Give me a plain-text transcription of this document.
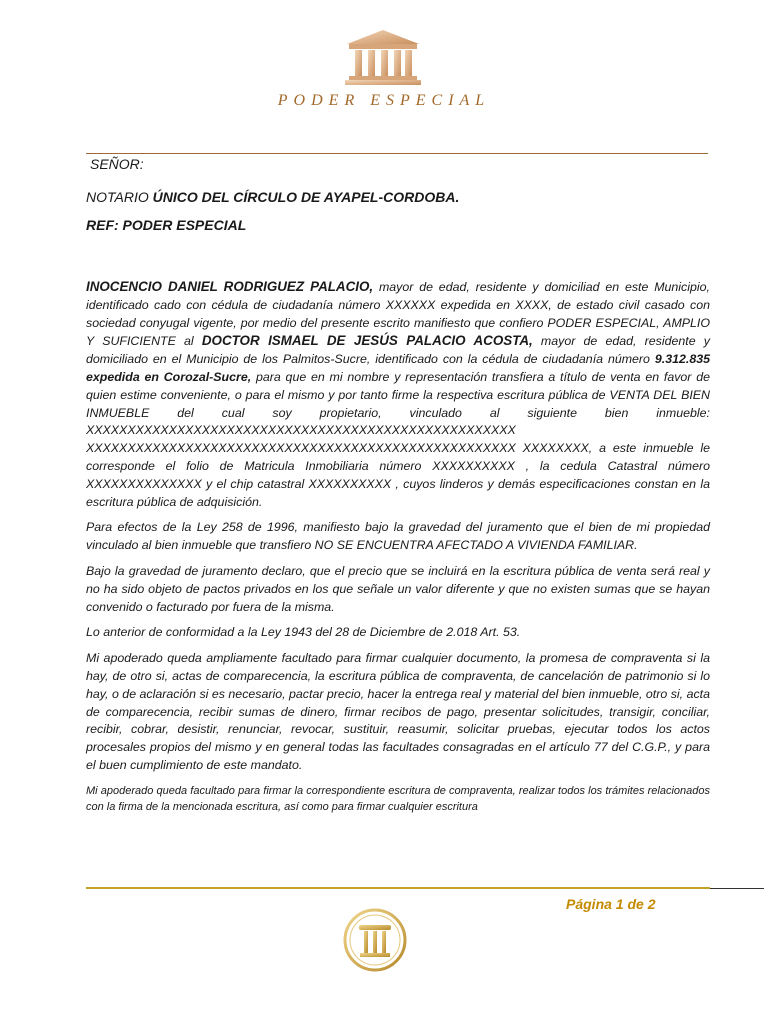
PODER ESPECIAL
SEÑOR:
NOTARIO ÚNICO DEL CÍRCULO DE AYAPEL-CORDOBA.
REF: PODER ESPECIAL

INOCENCIO DANIEL RODRIGUEZ PALACIO, mayor de edad, residente y domiciliad en este Municipio, identificado cado con cédula de ciudadanía número XXXXXX expedida en XXXX, de estado civil casado con sociedad conyugal vigente, por medio del presente escrito manifiesto que confiero PODER ESPECIAL, AMPLIO Y SUFICIENTE al DOCTOR ISMAEL DE JESÚS PALACIO ACOSTA, mayor de edad, residente y domiciliado en el Municipio de los Palmitos-Sucre, identificado con la cédula de ciudadanía número 9.312.835 expedida en Corozal-Sucre, para que en mi nombre y representación transfiera a título de venta en favor de quien estime conveniente, o para el mismo y por tanto firme la respectiva escritura pública de VENTA DEL BIEN INMUEBLE del cual soy propietario, vinculado al siguiente bien inmueble: XXXXXXXXXXXXXXXXXXXXXXXXXXXXXXXXXXXXXXXXXXXXXXXXXXXX XXXXXXXXXXXXXXXXXXXXXXXXXXXXXXXXXXXXXXXXXXXXXXXXXXXX XXXXXXXX, a este inmueble le corresponde el folio de Matricula Inmobiliaria número XXXXXXXXXX , la cedula Catastral número XXXXXXXXXXXXXX y el chip catastral XXXXXXXXXX , cuyos linderos y demás especificaciones constan en la escritura pública de adquisición.

Para efectos de la Ley 258 de 1996, manifiesto bajo la gravedad del juramento que el bien de mi propiedad vinculado al bien inmueble que transfiero NO SE ENCUENTRA AFECTADO A VIVIENDA FAMILIAR.

Bajo la gravedad de juramento declaro, que el precio que se incluirá en la escritura pública de venta será real y no ha sido objeto de pactos privados en los que señale un valor diferente y que no existen sumas que se hayan convenido o facturado por fuera de la misma.

Lo anterior de conformidad a la Ley 1943 del 28 de Diciembre de 2.018 Art. 53.

Mi apoderado queda ampliamente facultado para firmar cualquier documento, la promesa de compraventa si la hay, de otro si, actas de comparecencia, la escritura pública de compraventa, de cancelación de patrimonio si lo hay, o de aclaración si es necesario, pactar precio, hacer la entrega real y material del bien inmueble, otro si, acta de comparecencia, recibir sumas de dinero, firmar recibos de pago, presentar solicitudes, transigir, conciliar, recibir, cobrar, desistir, renunciar, revocar, sustituir, reasumir, solicitar pruebas, ejecutar todos los actos procesales propios del mismo y en general todas las facultades consagradas en el artículo 77 del C.G.P., y para el buen cumplimiento de este mandato.

Mi apoderado queda facultado para firmar la correspondiente escritura de compraventa, realizar todos los trámites relacionados con la firma de la mencionada escritura, así como para firmar cualquier escritura

Página 1 de 2
